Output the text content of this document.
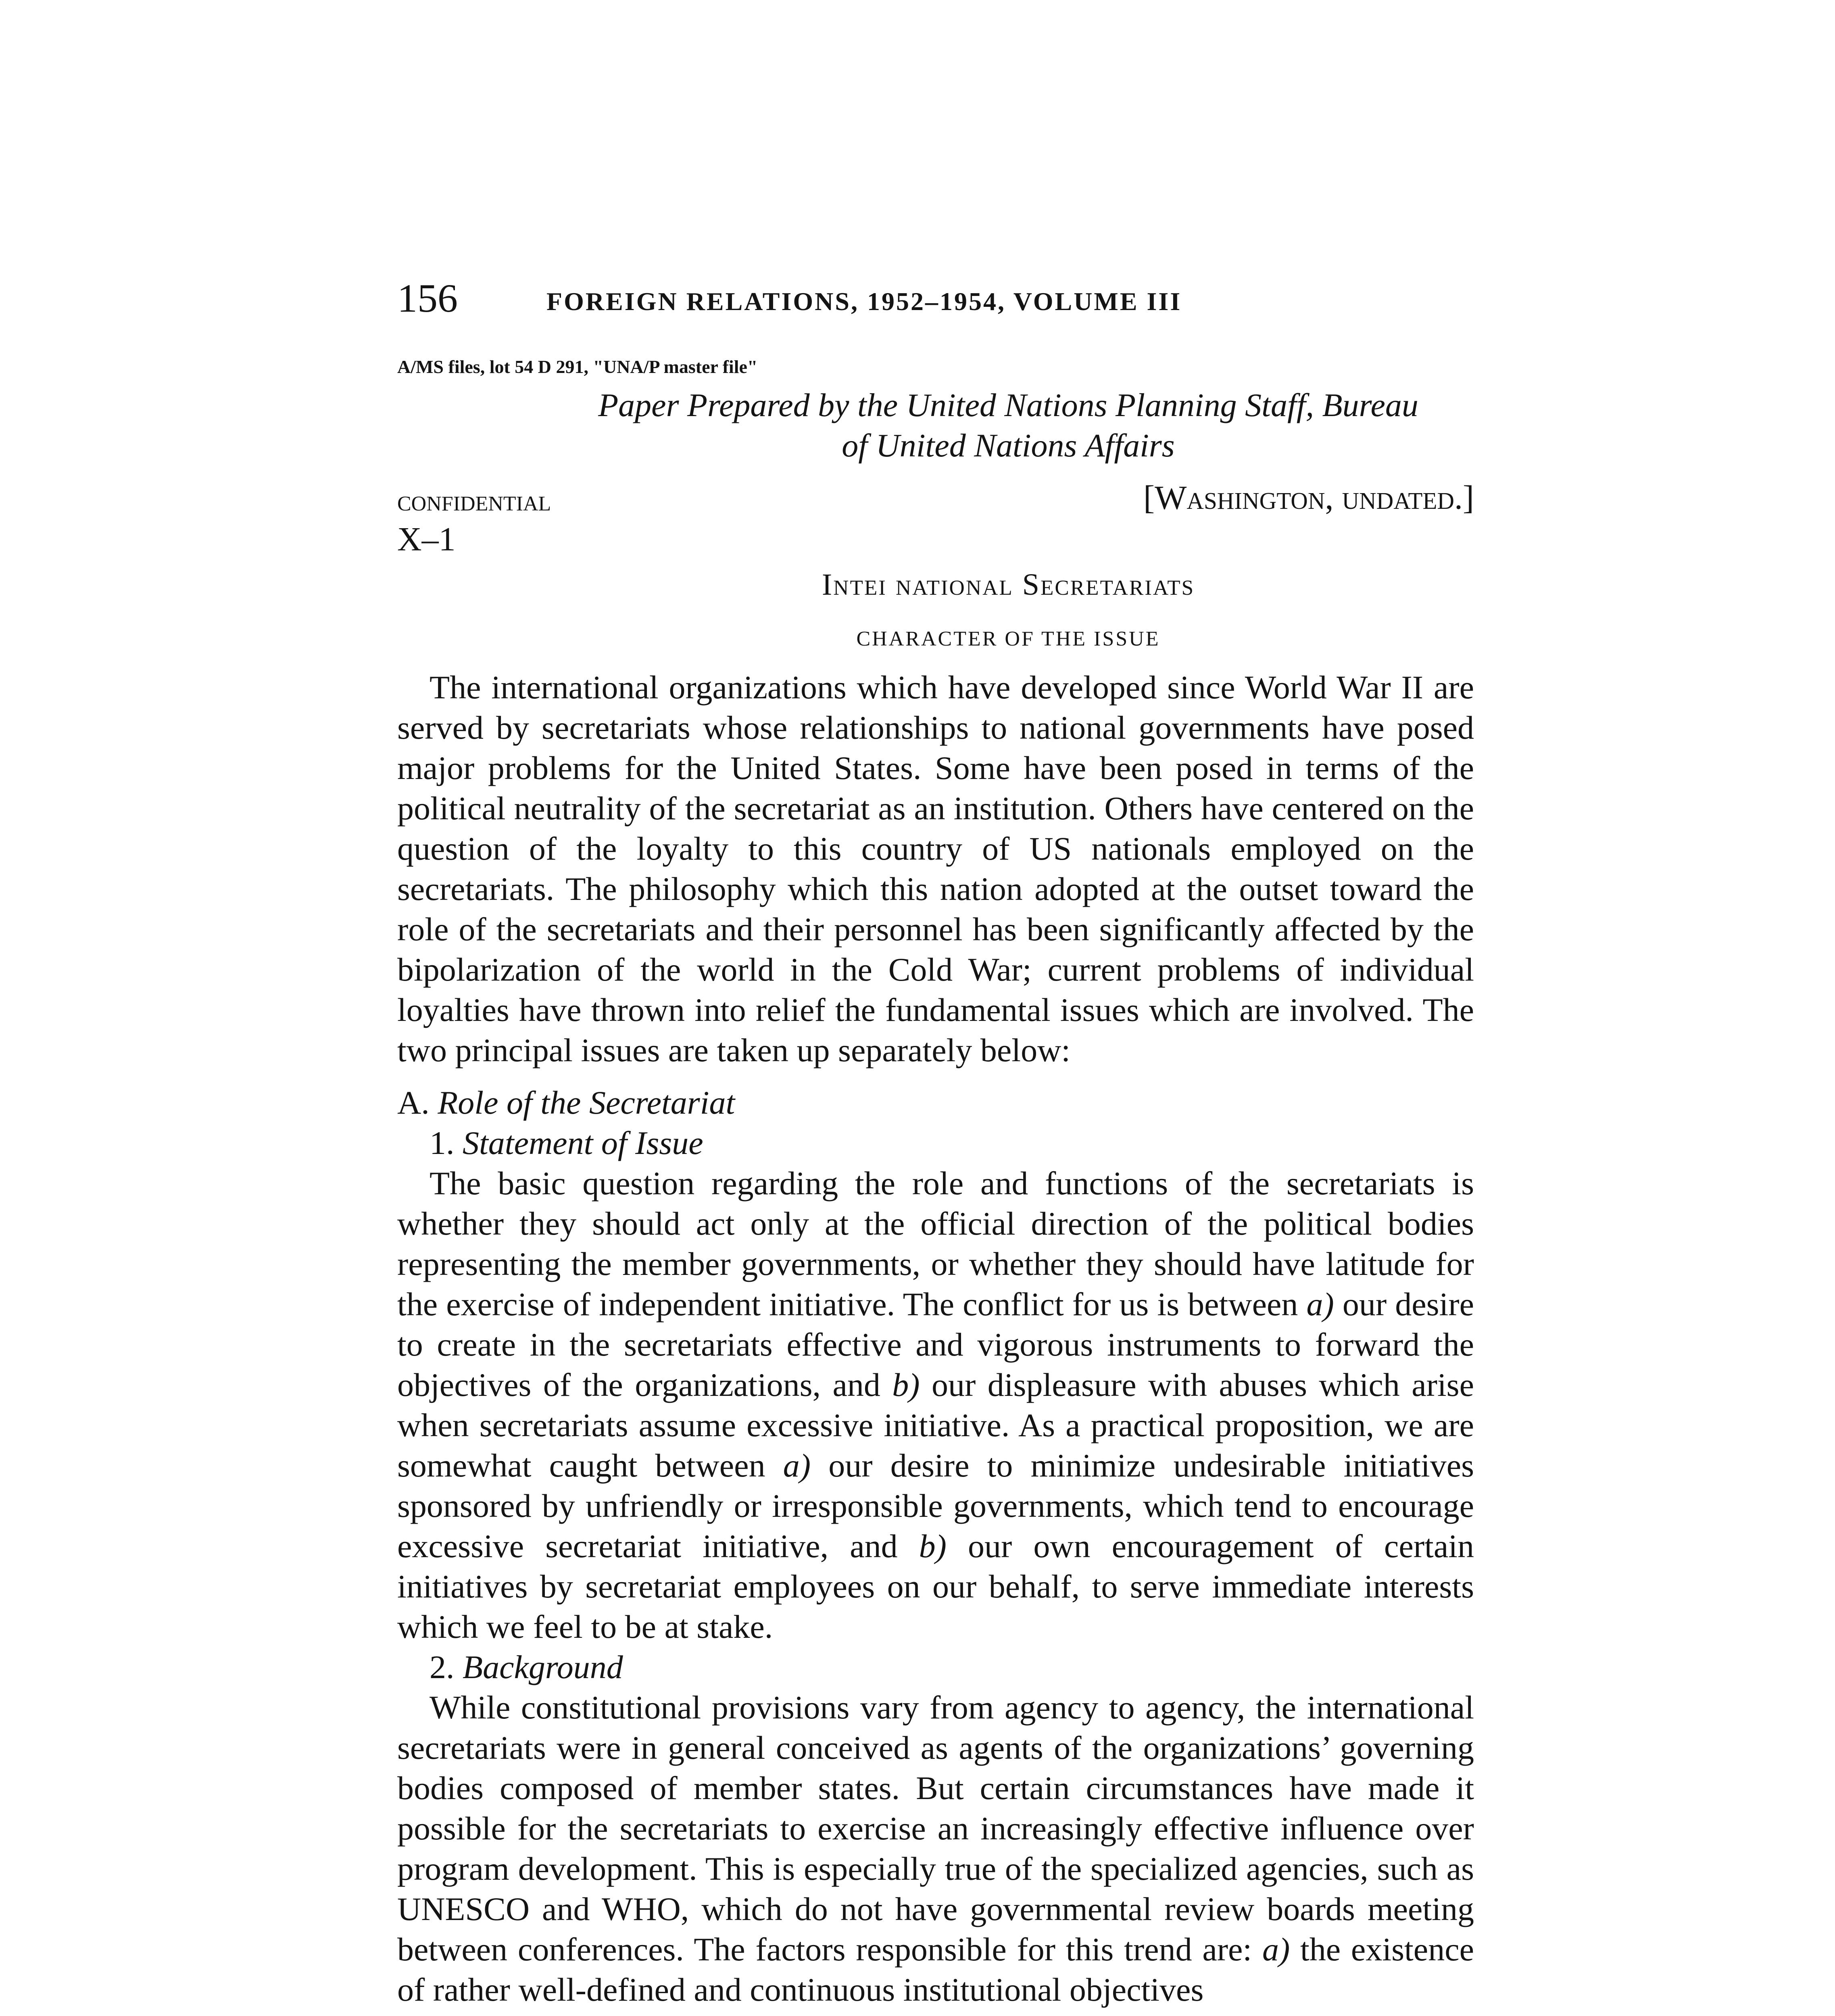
156	FOREIGN RELATIONS, 1952–1954, VOLUME III
A/MS files, lot 54 D 291, "UNA/P master file"
Paper Prepared by the United Nations Planning Staff, Bureau
of United Nations Affairs
CONFIDENTIAL	[Washington, undated.]
X–1
Intei national Secretariats
CHARACTER OF THE ISSUE

The international organizations which have developed since World War II are served by secretariats whose relationships to national governments have posed major problems for the United States. Some have been posed in terms of the political neutrality of the secretariat as an institution. Others have centered on the question of the loyalty to this country of US nationals employed on the secretariats. The philosophy which this nation adopted at the outset toward the role of the secretariats and their personnel has been significantly affected by the bipolarization of the world in the Cold War; current problems of individual loyalties have thrown into relief the fundamental issues which are involved. The two principal issues are taken up separately below:

A. Role of the Secretariat

1. Statement of Issue

The basic question regarding the role and functions of the secretariats is whether they should act only at the official direction of the political bodies representing the member governments, or whether they should have latitude for the exercise of independent initiative. The conflict for us is between a) our desire to create in the secretariats effective and vigorous instruments to forward the objectives of the organizations, and b) our displeasure with abuses which arise when secretariats assume excessive initiative. As a practical proposition, we are somewhat caught between a) our desire to minimize undesirable initiatives sponsored by unfriendly or irresponsible governments, which tend to encourage excessive secretariat initiative, and b) our own encouragement of certain initiatives by secretariat employees on our behalf, to serve immediate interests which we feel to be at stake.

2. Background

While constitutional provisions vary from agency to agency, the international secretariats were in general conceived as agents of the organizations’ governing bodies composed of member states. But certain circumstances have made it possible for the secretariats to exercise an increasingly effective influence over program development. This is especially true of the specialized agencies, such as UNESCO and WHO, which do not have governmental review boards meeting between conferences. The factors responsible for this trend are: a) the existence of rather well-defined and continuous institutional objectives
